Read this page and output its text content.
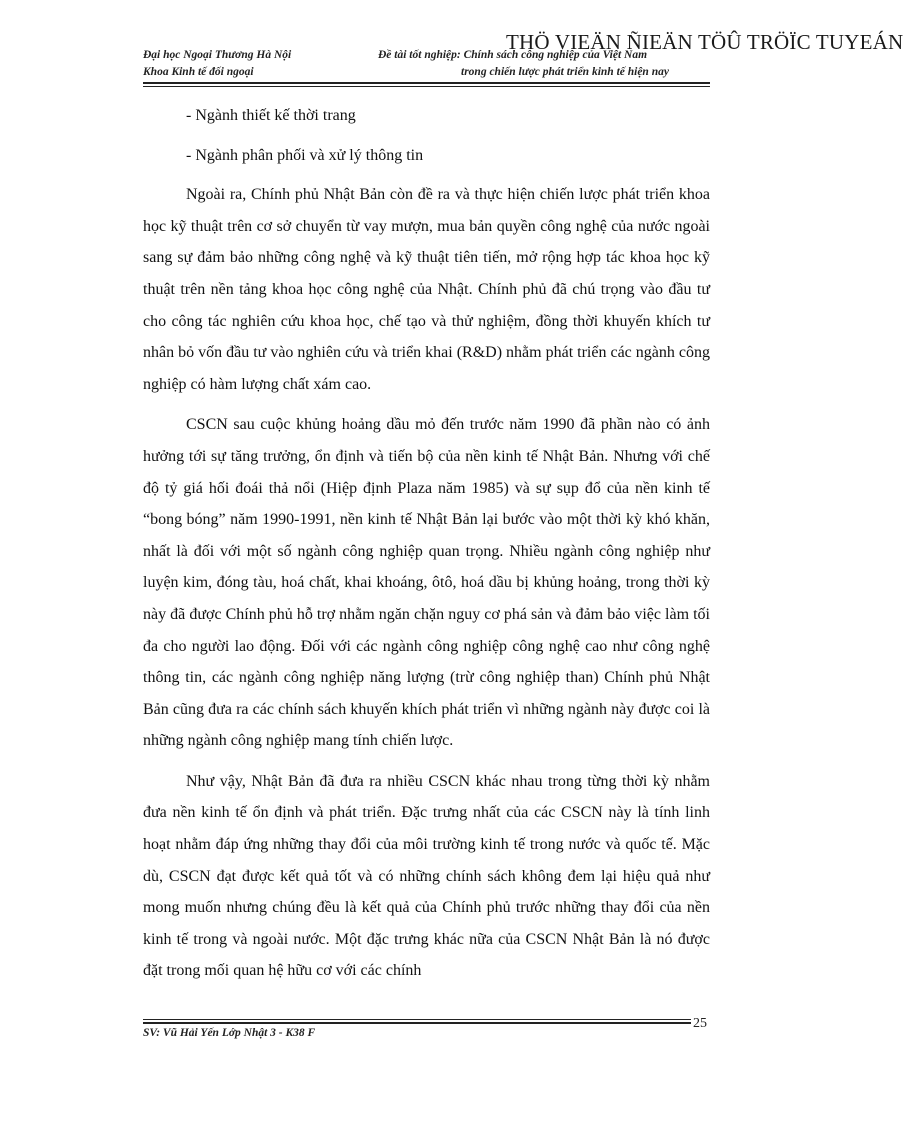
THÖ VIEÄN ÑIEÄN TÖÛ TRÖÏC TUYEÁN
Đại học Ngoại Thương Hà Nội
Khoa Kinh tế đối ngoại
Đề tài tốt nghiệp: Chính sách công nghiệp của Việt Nam
trong chiến lược phát triển kinh tế hiện nay

- Ngành thiết kế thời trang

- Ngành phân phối và xử lý thông tin

Ngoài ra, Chính phủ Nhật Bản còn đề ra và thực hiện chiến lược phát triển khoa học kỹ thuật trên cơ sở chuyển từ vay mượn, mua bản quyền công nghệ của nước ngoài sang sự đảm bảo những công nghệ và kỹ thuật tiên tiến, mở rộng hợp tác khoa học kỹ thuật trên nền tảng khoa học công nghệ của Nhật. Chính phủ đã chú trọng vào đầu tư cho công tác nghiên cứu khoa học, chế tạo và thử nghiệm, đồng thời khuyến khích tư nhân bỏ vốn đầu tư vào nghiên cứu và triển khai (R&D) nhằm phát triển các ngành công nghiệp có hàm lượng chất xám cao.

CSCN sau cuộc khủng hoảng dầu mỏ đến trước năm 1990 đã phần nào có ảnh hưởng tới sự tăng trưởng, ổn định và tiến bộ của nền kinh tế Nhật Bản. Nhưng với chế độ tỷ giá hối đoái thả nổi (Hiệp định Plaza năm 1985) và sự sụp đổ của nền kinh tế “bong bóng” năm 1990-1991, nền kinh tế Nhật Bản lại bước vào một thời kỳ khó khăn, nhất là đối với một số ngành công nghiệp quan trọng. Nhiều ngành công nghiệp như luyện kim, đóng tàu, hoá chất, khai khoáng, ôtô, hoá dầu bị khủng hoảng, trong thời kỳ này đã được Chính phủ hỗ trợ nhằm ngăn chặn nguy cơ phá sản và đảm bảo việc làm tối đa cho người lao động. Đối với các ngành công nghiệp công nghệ cao như công nghệ thông tin, các ngành công nghiệp năng lượng (trừ công nghiệp than) Chính phủ Nhật Bản cũng đưa ra các chính sách khuyến khích phát triển vì những ngành này được coi là những ngành công nghiệp mang tính chiến lược.

Như vậy, Nhật Bản đã đưa ra nhiều CSCN khác nhau trong từng thời kỳ nhằm đưa nền kinh tế ổn định và phát triển. Đặc trưng nhất của các CSCN này là tính linh hoạt nhằm đáp ứng những thay đổi của môi trường kinh tế trong nước và quốc tế. Mặc dù, CSCN đạt được kết quả tốt và có những chính sách không đem lại hiệu quả như mong muốn nhưng chúng đều là kết quả của Chính phủ trước những thay đổi của nền kinh tế trong và ngoài nước. Một đặc trưng khác nữa của CSCN Nhật Bản là nó được đặt trong mối quan hệ hữu cơ với các chính

SV: Vũ Hải Yến Lớp Nhật 3 - K38 F
25
